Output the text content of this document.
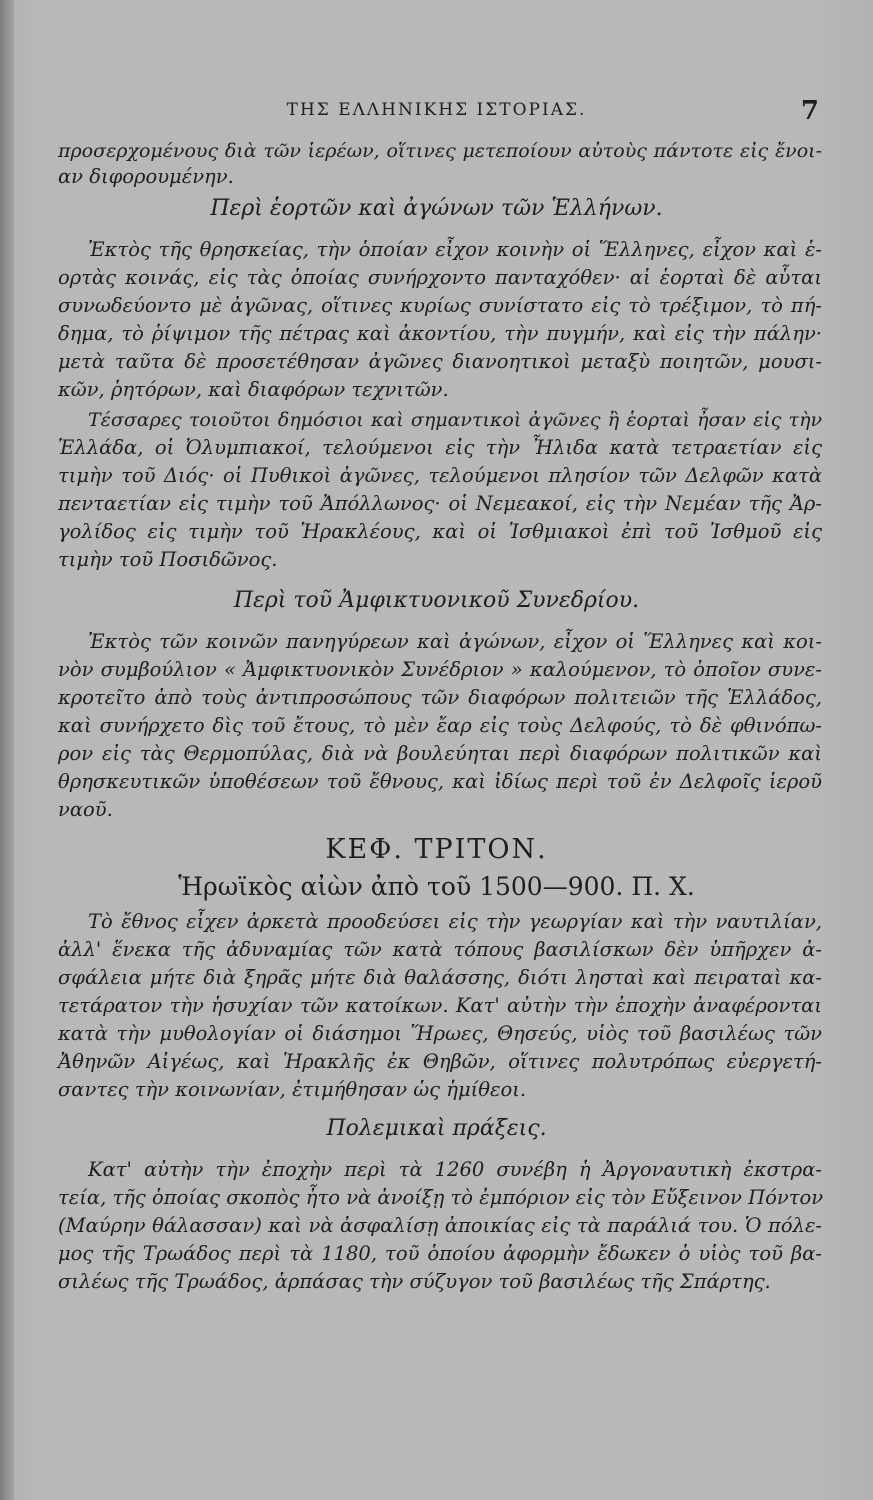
ΤΗΣ ΕΛΛΗΝΙΚΗΣ ΙΣΤΟΡΙΑΣ.	7
προσερχομένους διὰ τῶν ἱερέων, οἵτινες μετεποίουν αὐτοὺς πάντοτε εἰς ἔνοι-
αν διφορουμένην.
Περὶ ἑορτῶν καὶ ἀγώνων τῶν Ἑλλήνων.
Ἐκτὸς τῆς θρησκείας, τὴν ὁποίαν εἶχον κοινὴν οἱ Ἕλληνες, εἶχον καὶ ἑ-
ορτὰς κοινάς, εἰς τὰς ὁποίας συνήρχοντο πανταχόθεν· αἱ ἑορταὶ δὲ αὗται
συνωδεύοντο μὲ ἀγῶνας, οἵτινες κυρίως συνίστατο εἰς τὸ τρέξιμον, τὸ πή-
δημα, τὸ ῥίψιμον τῆς πέτρας καὶ ἀκοντίου, τὴν πυγμήν, καὶ εἰς τὴν πάλην·
μετὰ ταῦτα δὲ προσετέθησαν ἀγῶνες διανοητικοὶ μεταξὺ ποιητῶν, μουσι-
κῶν, ῥητόρων, καὶ διαφόρων τεχνιτῶν.
Τέσσαρες τοιοῦτοι δημόσιοι καὶ σημαντικοὶ ἀγῶνες ἢ ἑορταὶ ἦσαν εἰς τὴν
Ἑλλάδα, οἱ Ὀλυμπιακοί, τελούμενοι εἰς τὴν Ἦλιδα κατὰ τετραετίαν εἰς
τιμὴν τοῦ Διός· οἱ Πυθικοὶ ἀγῶνες, τελούμενοι πλησίον τῶν Δελφῶν κατὰ
πενταετίαν εἰς τιμὴν τοῦ Ἀπόλλωνος· οἱ Νεμεακοί, εἰς τὴν Νεμέαν τῆς Ἀρ-
γολίδος εἰς τιμὴν τοῦ Ἡρακλέους, καὶ οἱ Ἰσθμιακοὶ ἐπὶ τοῦ Ἰσθμοῦ εἰς
τιμὴν τοῦ Ποσιδῶνος.
Περὶ τοῦ Ἀμφικτυονικοῦ Συνεδρίου.
Ἐκτὸς τῶν κοινῶν πανηγύρεων καὶ ἀγώνων, εἶχον οἱ Ἕλληνες καὶ κοι-
νὸν συμβούλιον « Ἀμφικτυονικὸν Συνέδριον » καλούμενον, τὸ ὁποῖον συνε-
κροτεῖτο ἀπὸ τοὺς ἀντιπροσώπους τῶν διαφόρων πολιτειῶν τῆς Ἑλλάδος,
καὶ συνήρχετο δὶς τοῦ ἔτους, τὸ μὲν ἔαρ εἰς τοὺς Δελφούς, τὸ δὲ φθινόπω-
ρον εἰς τὰς Θερμοπύλας, διὰ νὰ βουλεύηται περὶ διαφόρων πολιτικῶν καὶ
θρησκευτικῶν ὑποθέσεων τοῦ ἔθνους, καὶ ἰδίως περὶ τοῦ ἐν Δελφοῖς ἱεροῦ
ναοῦ.
ΚΕΦ. ΤΡΙΤΟΝ.
Ἡρωϊκὸς αἰὼν ἀπὸ τοῦ 1500—900. Π. Χ.
Τὸ ἔθνος εἶχεν ἀρκετὰ προοδεύσει εἰς τὴν γεωργίαν καὶ τὴν ναυτιλίαν,
ἀλλ' ἕνεκα τῆς ἀδυναμίας τῶν κατὰ τόπους βασιλίσκων δὲν ὑπῆρχεν ἀ-
σφάλεια μήτε διὰ ξηρᾶς μήτε διὰ θαλάσσης, διότι λησταὶ καὶ πειραταὶ κα-
τετάρατον τὴν ἡσυχίαν τῶν κατοίκων. Κατ' αὐτὴν τὴν ἐποχὴν ἀναφέρονται
κατὰ τὴν μυθολογίαν οἱ διάσημοι Ἥρωες, Θησεύς, υἱὸς τοῦ βασιλέως τῶν
Ἀθηνῶν Αἰγέως, καὶ Ἡρακλῆς ἐκ Θηβῶν, οἵτινες πολυτρόπως εὐεργετή-
σαντες τὴν κοινωνίαν, ἐτιμήθησαν ὡς ἡμίθεοι.
Πολεμικαὶ πράξεις.
Κατ' αὐτὴν τὴν ἐποχὴν περὶ τὰ 1260 συνέβη ἡ Ἀργοναυτικὴ ἐκστρα-
τεία, τῆς ὁποίας σκοπὸς ἦτο νὰ ἀνοίξῃ τὸ ἐμπόριον εἰς τὸν Εὔξεινον Πόντον
(Μαύρην θάλασσαν) καὶ νὰ ἀσφαλίσῃ ἀποικίας εἰς τὰ παράλιά του. Ὁ πόλε-
μος τῆς Τρωάδος περὶ τὰ 1180, τοῦ ὁποίου ἀφορμὴν ἔδωκεν ὁ υἱὸς τοῦ βα-
σιλέως τῆς Τρωάδος, ἁρπάσας τὴν σύζυγον τοῦ βασιλέως τῆς Σπάρτης.
